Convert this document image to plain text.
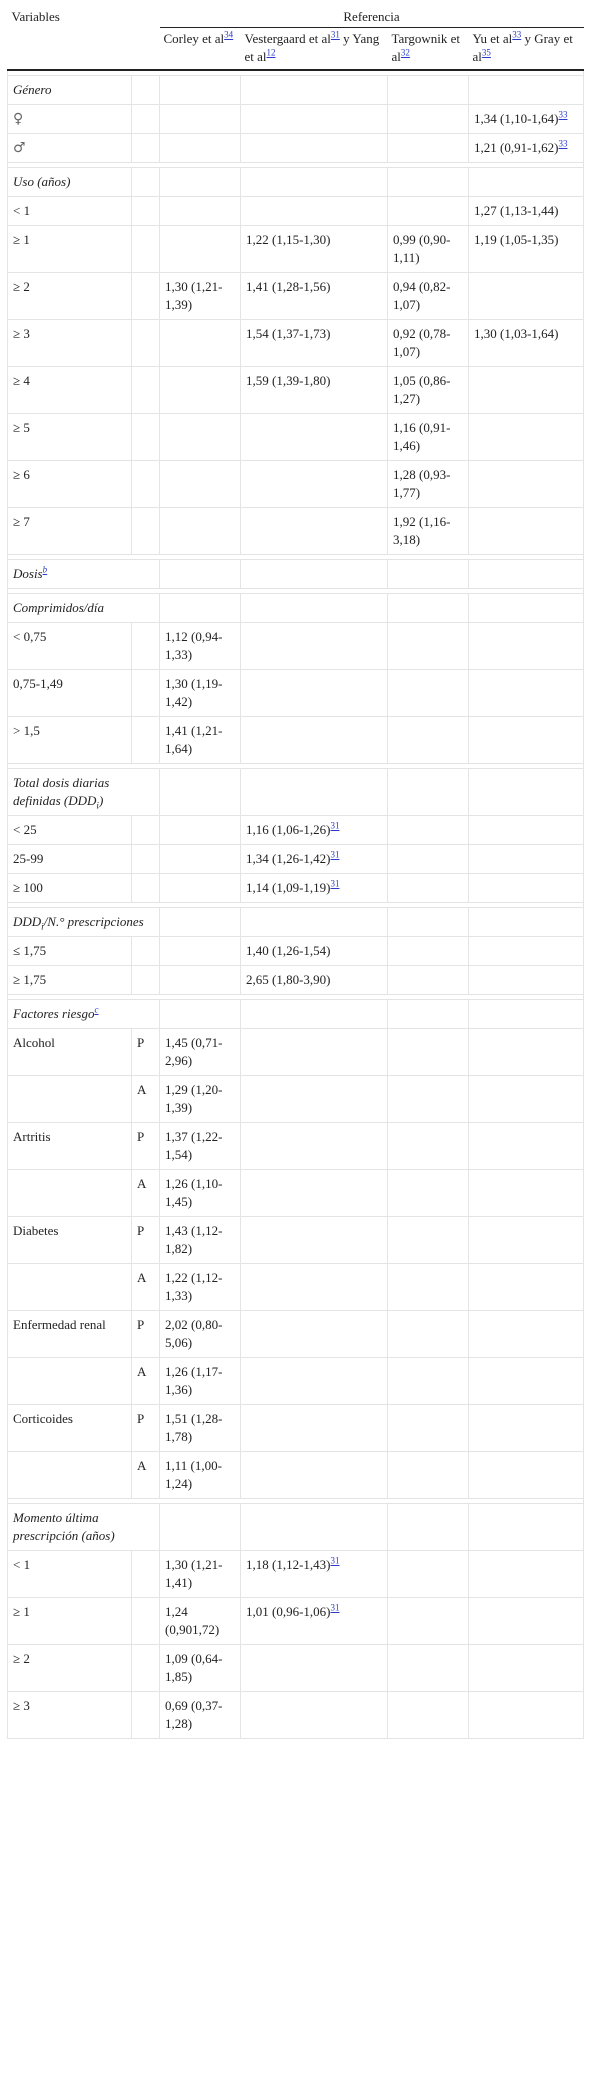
Variables		Referencia			
		Corley et $al^{34}$	Vestergaard et $al^{31}$ y Yang et $al^{12}$	Targownik et $al^{32}$	Yu et $al^{33}$ y Gray et $al^{35}$

Género					
♀					1,34 $(1,10-1,64)^{33}$
♂					1,21 $(0,91-1,62)^{33}$

Uso (años)					
< 1					1,27 (1,13-1,44)
≥ 1			1,22 (1,15-1,30)	0,99 (0,90-1,11)	1,19 (1,05-1,35)
≥ 2		1,30 (1,21-1,39)	1,41 (1,28-1,56)	0,94 (0,82-1,07)	
≥ 3			1,54 (1,37-1,73)	0,92 (0,78-1,07)	1,30 (1,03-1,64)
≥ 4			1,59 (1,39-1,80)	1,05 (0,86-1,27)	
≥ 5				1,16 (0,91-1,46)	
≥ 6				1,28 (0,93-1,77)	
≥ 7				1,92 (1,16-3,18)	

Dosis$^b$				

Comprimidos/día					
< 0,75		1,12 (0,94-1,33)			
0,75-1,49		1,30 (1,19-1,42)			
> 1,5		1,41 (1,21-1,64)			

Total dosis diarias definidas $(DDD_i)$					
< 25			1,16 $(1,06-1,26)^{31}$		
25-99			1,34 $(1,26-1,42)^{31}$		
≥ 100			1,14 $(1,09-1,19)^{31}$		

$DDD_i/N.^\circ$ prescripciones					
≤ 1,75			1,40 (1,26-1,54)		
≥ 1,75			2,65 (1,80-3,90)		

Factores riesgo$^c$				
Alcohol	P	1,45 (0,71-2,96)			
	A	1,29 (1,20-1,39)			
Artritis	P	1,37 (1,22-1,54)			
	A	1,26 (1,10-1,45)			
Diabetes	P	1,43 (1,12-1,82)			
	A	1,22 (1,12-1,33)			
Enfermedad renal	P	2,02 (0,80-5,06)			
	A	1,26 (1,17-1,36)			
Corticoides	P	1,51 (1,28-1,78)			
	A	1,11 (1,00-1,24)			

Momento última prescripción (años)					
< 1		1,30 (1,21-1,41)	1,18 $(1,12-1,43)^{31}$		
≥ 1		1,24 (0,901,72)	1,01 $(0,96-1,06)^{31}$		
≥ 2		1,09 (0,64-1,85)			
≥ 3		0,69 (0,37-1,28)			
